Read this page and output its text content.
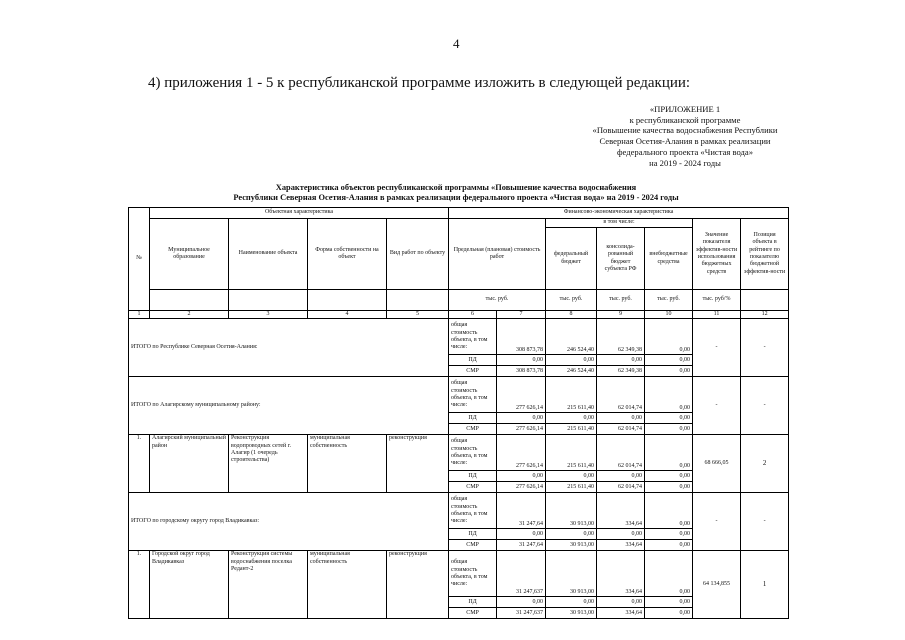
4
4) приложения 1 - 5 к республиканской программе изложить в следующей редакции:
«ПРИЛОЖЕНИЕ 1
к республиканской программе
«Повышение качества водоснабжения Республики
Северная Осетия-Алания в рамках реализации
федерального проекта «Чистая вода»
на 2019 - 2024 годы
Характеристика объектов республиканской программы «Повышение качества водоснабжения
Республики Северная Осетия-Алания в рамках реализации федерального проекта «Чистая вода» на 2019 - 2024 годы
№	Объектная характеристика				Финансово-экономическая характеристика						
	Муниципальное образование	Наименование объекта	Форма собственности на объект	Вид работ по объекту	Предельная (плановая) стоимость работ		в том числе:			Значение показателя эффектив-ности использования бюджетных средств	Позиция объекта в рейтинге по показателю бюджетной эффектив-ности
							федеральный бюджет	консолида-рованный бюджет субъекта РФ	внебюджетные средства		
					тыс. руб.		тыс. руб.	тыс. руб.	тыс. руб.	тыс. руб/%	
1	2	3	4	5	6	7	8	9	10	11	12
ИТОГО по Республике Северная Осетия-Алания:					общая стоимость объекта, в том числе:	308 873,78	246 524,40	62 349,38	0,00	-	-
					ПД	0,00	0,00	0,00	0,00		
					СМР	308 873,78	246 524,40	62 349,38	0,00		
ИТОГО по Алагирскому муниципальному району:					общая стоимость объекта, в том числе:	277 626,14	215 611,40	62 014,74	0,00	-	-
					ПД	0,00	0,00	0,00	0,00		
					СМР	277 626,14	215 611,40	62 014,74	0,00		
1.	Алагирский муниципальный район	Реконструкция водопроводных сетей г. Алагир (1 очередь строительства)	муниципальная собственность	реконструкция	общая стоимость объекта, в том числе:	277 626,14	215 611,40	62 014,74	0,00	68 666,05	2
					ПД	0,00	0,00	0,00	0,00		
					СМР	277 626,14	215 611,40	62 014,74	0,00		
ИТОГО по городскому округу город Владикавказ:					общая стоимость объекта, в том числе:	31 247,64	30 913,00	334,64	0,00	-	-
					ПД	0,00	0,00	0,00	0,00		
					СМР	31 247,64	30 913,00	334,64	0,00		
1.	Городской округ город Владикавказ	Реконструкция системы водоснабжения поселка Редант-2	муниципальная собственность	реконструкция	общая стоимость объекта, в том числе:	31 247,637	30 913,00	334,64	0,00	64 134,855	1
					ПД	0,00	0,00	0,00	0,00		
					СМР	31 247,637	30 913,00	334,64	0,00		
